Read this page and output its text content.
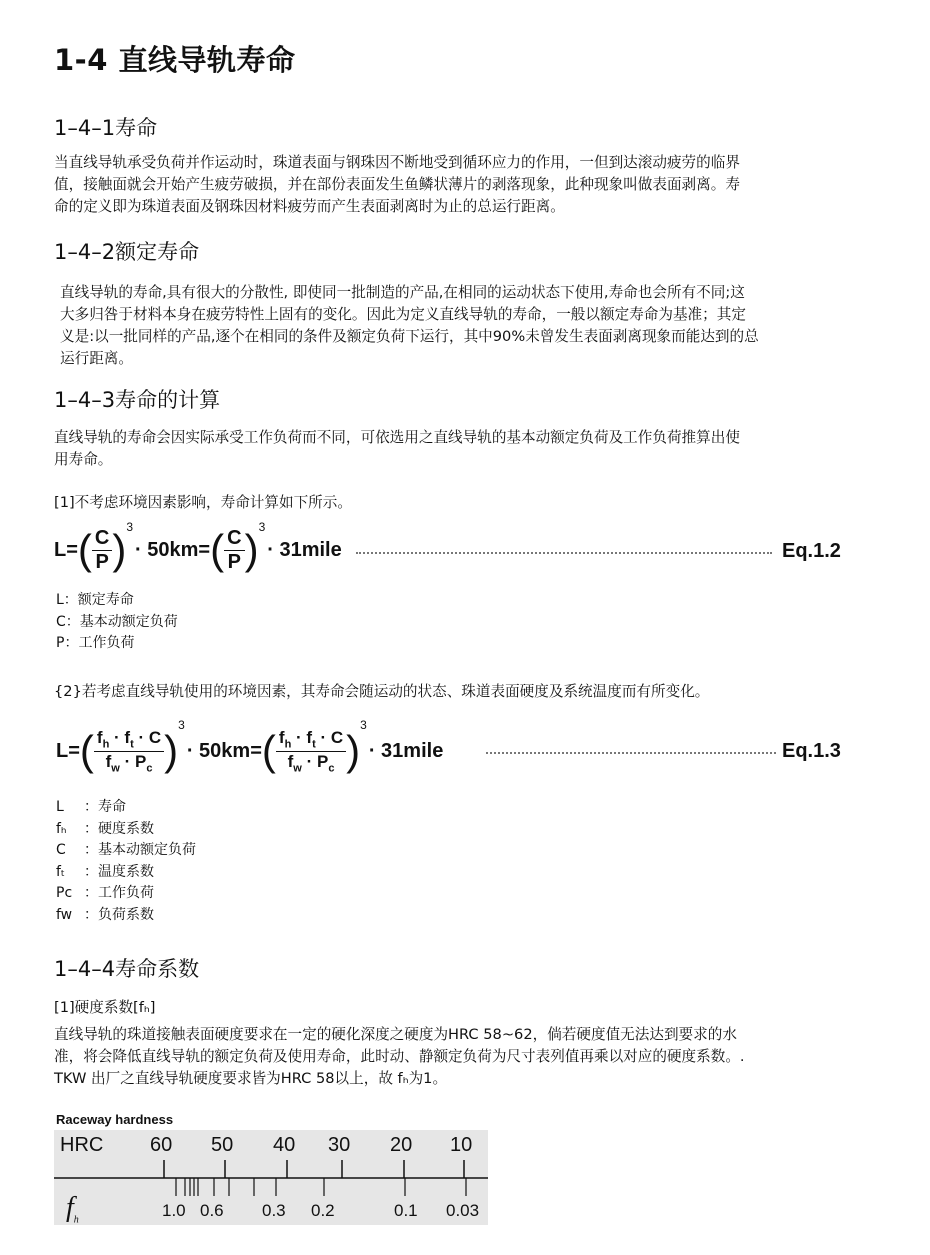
1-4 直线导轨寿命
1–4–1寿命
当直线导轨承受负荷并作运动时，珠道表面与钢珠因不断地受到循环应力的作用，一但到达滚动疲劳的临界
值，接触面就会开始产生疲劳破损，并在部份表面发生鱼鳞状薄片的剥落现象，此种现象叫做表面剥离。寿
命的定义即为珠道表面及钢珠因材料疲劳而产生表面剥离时为止的总运行距离。
1–4–2额定寿命
直线导轨的寿命,具有很大的分散性, 即使同一批制造的产品,在相同的运动状态下使用,寿命也会所有不同;这
大多归咎于材料本身在疲劳特性上固有的变化。因此为定义直线导轨的寿命，一般以额定寿命为基准；其定
义是:以一批同样的产品,逐个在相同的条件及额定负荷下运行，其中90%未曾发生表面剥离现象而能达到的总
运行距离。
1–4–3寿命的计算
直线导轨的寿命会因实际承受工作负荷而不同，可依选用之直线导轨的基本动额定负荷及工作负荷推算出使
用寿命。
[1]不考虑环境因素影响，寿命计算如下所示。
L= ( $\frac{C}{P} )^3$
· 50km= ( $\frac{C}{P} )^3$
· 31mile	Eq.1.2
L：额定寿命
C：基本动额定负荷
P：工作负荷
{2}若考虑直线导轨使用的环境因素，其寿命会随运动的状态、珠道表面硬度及系统温度而有所变化。
L= ( $\frac{f_h \cdot f_t \cdot C}{f_w \cdot P_c}$ )
$^3$
· 50km= ( $\frac{f_h \cdot f_t \cdot C}{f_w \cdot P_c}$ )
$^3$
· 31mile	Eq.1.3
L ：寿命
fₕ ：硬度系数
C ：基本动额定负荷
fₜ ：温度系数
Pc ：工作负荷
fw ：负荷系数
1–4–4寿命系数
[1]硬度系数[fₕ]
直线导轨的珠道接触表面硬度要求在一定的硬化深度之硬度为HRC 58~62，倘若硬度值无法达到要求的水
准，将会降低直线导轨的额定负荷及使用寿命，此时动、静额定负荷为尺寸表列值再乘以对应的硬度系数。.
TKW 出厂之直线导轨硬度要求皆为HRC 58以上，故 fₕ为1。
Raceway hardness
HRC
$f_h$
60 50 40 30 20 10
1.0 0.6 0.3 0.2	0.1 0.03
